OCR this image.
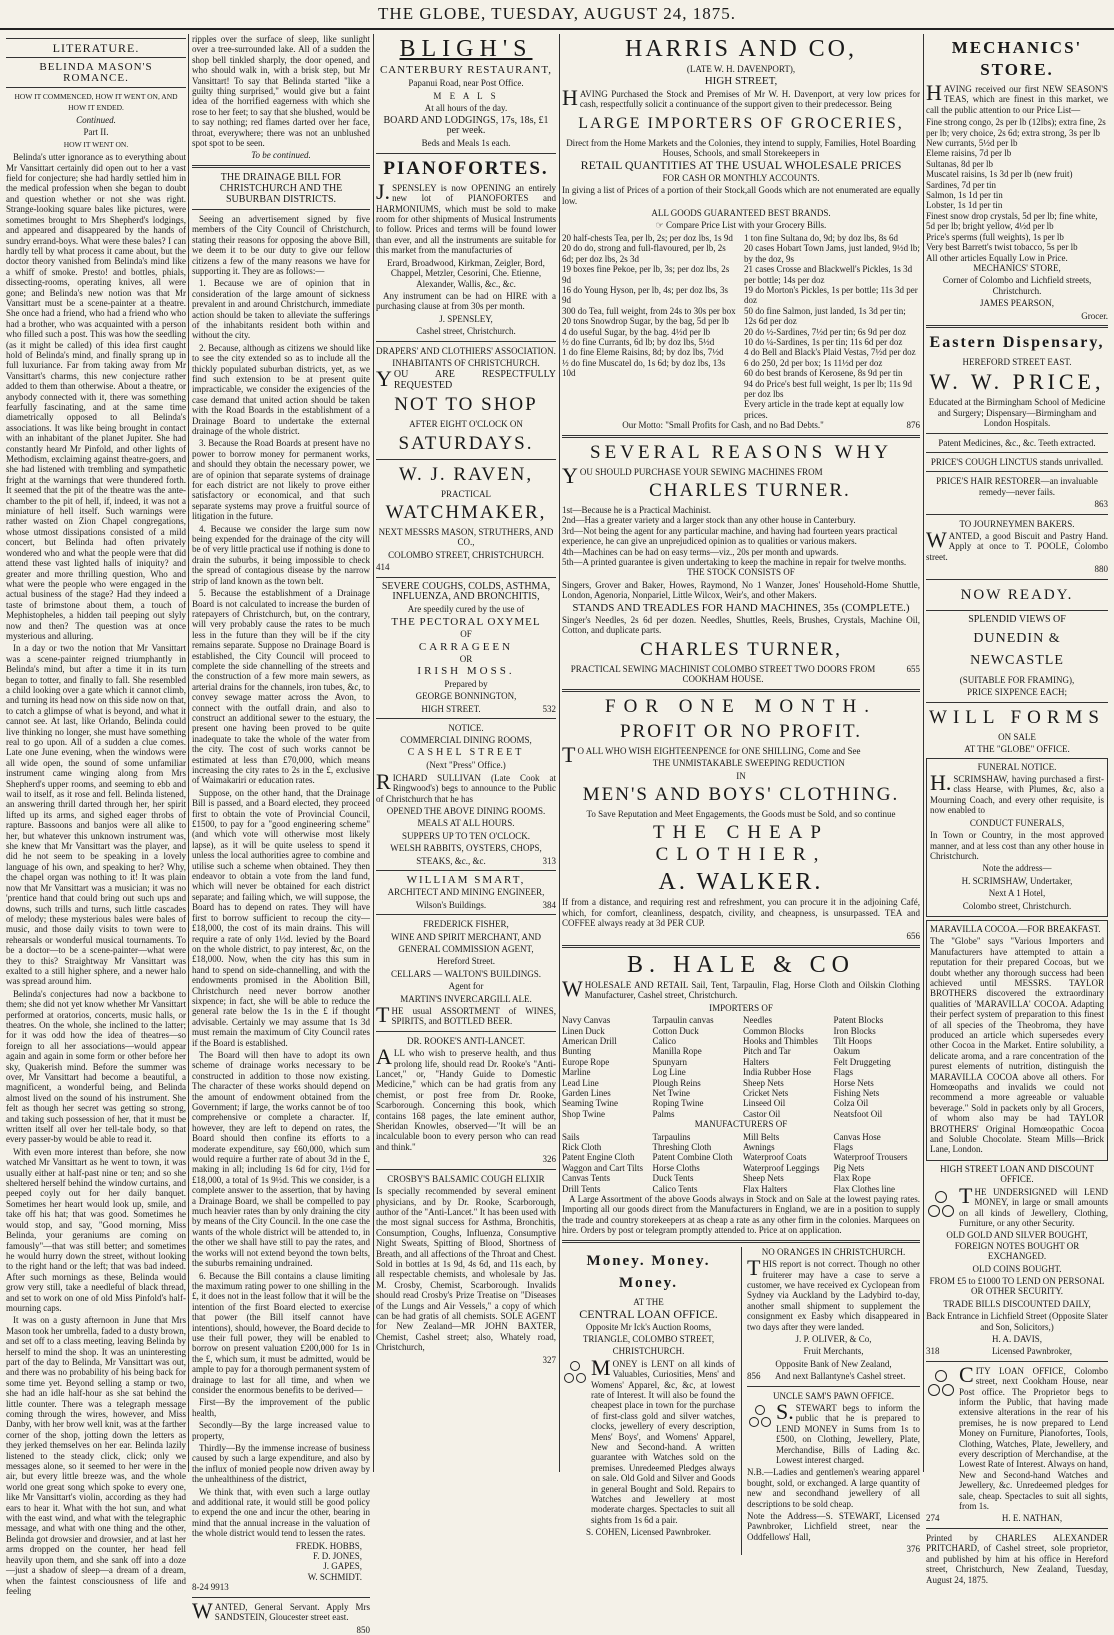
THE GLOBE, TUESDAY, AUGUST 24, 1875.
LITERATURE.
BELINDA MASON'S ROMANCE.

HOW IT COMMENCED, HOW IT WENT ON, AND HOW IT ENDED.

Continued.

Part II.

HOW IT WENT ON.

Belinda's utter ignorance as to everything about Mr Vansittart certainly did open out to her a vast field for conjecture; she had hardly settled him in the medical profession when she began to doubt and question whether or not she was right. Strange-looking square bales like pictures, were sometimes brought to Mrs Shepherd's lodgings, and appeared and disappeared by the hands of sundry errand-boys. What were these bales? I can hardly tell by what process it came about, but the doctor theory vanished from Belinda's mind like a whiff of smoke. Presto! and bottles, phials, dissecting-rooms, operating knives, all were gone; and Belinda's new notion was that Mr Vansittart must be a scene-painter at a theatre. She once had a friend, who had a friend who who had a brother, who was acquainted with a person who filled such a post. This was how the seedling (as it might be called) of this idea first caught hold of Belinda's mind, and finally sprang up in full luxuriance. Far from taking away from Mr Vansittart's charms, this new conjecture rather added to them than otherwise. About a theatre, or anybody connected with it, there was something fearfully fascinating, and at the same time diametrically opposed to all Belinda's associations. It was like being brought in contact with an inhabitant of the planet Jupiter. She had constantly heard Mr Pinfold, and other lights of Methodism, exclaiming against theatre-goers, and she had listened with trembling and sympathetic fright at the warnings that were thundered forth. It seemed that the pit of the theatre was the ante-chamber to the pit of hell, if, indeed, it was not a miniature of hell itself. Such warnings were rather wasted on Zion Chapel congregations, whose utmost dissipations consisted of a mild concert, but Belinda had often privately wondered who and what the people were that did attend these vast lighted halls of iniquity? and greater and more thrilling question, Who and what were the people who were engaged in the actual business of the stage? Had they indeed a taste of brimstone about them, a touch of Mephistopheles, a hidden tail peeping out slyly now and then? The question was at once mysterious and alluring.

In a day or two the notion that Mr Vansittart was a scene-painter reigned triumphantly in Belinda's mind, but after a time it in its turn began to totter, and finally to fall. She resembled a child looking over a gate which it cannot climb, and turning its head now on this side now on that, to catch a glimpse of what is beyond, and what it cannot see. At last, like Orlando, Belinda could live thinking no longer, she must have something real to go upon. All of a sudden a clue comes. Late one June evening, when the windows were all wide open, the sound of some unfamiliar instrument came winging along from Mrs Shepherd's upper rooms, and seeming to ebb and wail to itself, as it rose and fell. Belinda listened, an answering thrill darted through her, her spirit lifted up its arms, and sighed eager throbs of rapture. Bassoons and banjos were all alike to her, but whatever this unknown instrument was, she knew that Mr Vansittart was the player, and did he not seem to be speaking in a lovely language of his own, and speaking to her? Why, the chapel organ was nothing to it! It was plain now that Mr Vansittart was a musician; it was no 'prentice hand that could bring out such ups and downs, such trills and turns, such little cascades of melody; these mysterious bales were bales of music, and those daily visits to town were to rehearsals or wonderful musical tournaments. To be a doctor—to be a scene-painter—what were they to this? Straightway Mr Vansittart was exalted to a still higher sphere, and a newer halo was spread around him.

Belinda's conjectures had now a backbone to them; she did not yet know whether Mr Vansittart performed at oratorios, concerts, music halls, or theatres. On the whole, she inclined to the latter; for it was odd how the idea of theatres—so foreign to all her associations—would appear again and again in some form or other before her sky, Quakerish mind. Before the summer was over, Mr Vansittart had become a beautiful, a magnificent, a wonderful being, and Belinda almost lived on the sound of his instrument. She felt as though her secret was getting so strong, and taking such possession of her, that it must be written itself all over her tell-tale body, so that every passer-by would be able to read it.

With even more interest than before, she now watched Mr Vansittart as he went to town, it was usually either at half-past nine or ten; and so she sheltered herself behind the window curtains, and peeped coyly out for her daily banquet. Sometimes her heart would look up, smile, and take off his hat; that was good. Sometimes he would stop, and say, "Good morning, Miss Belinda, your geraniums are coming on famously"—that was still better; and sometimes he would hurry down the street, without looking to the right hand or the left; that was bad indeed. After such mornings as these, Belinda would grow very still, take a needleful of black thread, and set to work on one of old Miss Pinfold's half-mourning caps.

It was on a gusty afternoon in June that Mrs Mason took her umbrella, faded to a dusty brown, and set off to a class meeting, leaving Belinda by herself to mind the shop. It was an uninteresting part of the day to Belinda, Mr Vansittart was out, and there was no probability of his being back for some time yet. Beyond selling a stamp or two, she had an idle half-hour as she sat behind the little counter. There was a telegraph message coming through the wires, however, and Miss Danby, with her brow well knit, was at the farther corner of the shop, jotting down the letters as they jerked themselves on her ear. Belinda lazily listened to the steady click, click; only we messages alone, so it seemed to her were in the air, but every little breeze was, and the whole world one great song which spoke to every one, like Mr Vansittart's violin, according as they had ears to hear it. What with the hot sun, and what with the east wind, and what with the telegraphic message, and what with one thing and the other, Belinda got drowsier and drowsier, and at last her arms dropped on the counter, her head fell heavily upon them, and she sank off into a doze—just a shadow of sleep—a dream of a dream, when the faintest consciousness of life and feeling

ripples over the surface of sleep, like sunlight over a tree-surrounded lake. All of a sudden the shop bell tinkled sharply, the door opened, and who should walk in, with a brisk step, but Mr Vansittart! To say that Belinda started "like a guilty thing surprised," would give but a faint idea of the horrified eagerness with which she rose to her feet; to say that she blushed, would be to say nothing; red flames darted over her face, throat, everywhere; there was not an unblushed spot spot to be seen.

To be continued.

THE DRAINAGE BILL FOR CHRISTCHURCH AND THE SUBURBAN DISTRICTS.

Seeing an advertisement signed by five members of the City Council of Christchurch, stating their reasons for opposing the above Bill, we deem it to be our duty to give our fellow citizens a few of the many reasons we have for supporting it. They are as follows:—

1. Because we are of opinion that in consideration of the large amount of sickness prevalent in and around Christchurch, immediate action should be taken to alleviate the sufferings of the inhabitants resident both within and without the city.

2. Because, although as citizens we should like to see the city extended so as to include all the thickly populated suburban districts, yet, as we find such extension to be at present quite impracticable, we consider the exigencies of the case demand that united action should be taken with the Road Boards in the establishment of a Drainage Board to undertake the external drainage of the whole district.

3. Because the Road Boards at present have no power to borrow money for permanent works, and should they obtain the necessary power, we are of opinion that separate systems of drainage for each district are not likely to prove either satisfactory or economical, and that such separate systems may prove a fruitful source of litigation in the future.

4. Because we consider the large sum now being expended for the drainage of the city will be of very little practical use if nothing is done to drain the suburbs, it being impossible to check the spread of contagious disease by the narrow strip of land known as the town belt.

5. Because the establishment of a Drainage Board is not calculated to increase the burden of ratepayers of Christchurch, but, on the contrary, will very probably cause the rates to be much less in the future than they will be if the city remains separate. Suppose no Drainage Board is established, the City Council will proceed to complete the side channelling of the streets and the construction of a few more main sewers, as arterial drains for the channels, iron tubes, &c, to convey sewage matter across the Avon, to connect with the outfall drain, and also to construct an additional sewer to the estuary, the present one having been proved to be quite inadequate to take the whole of the water from the city. The cost of such works cannot be estimated at less than £70,000, which means increasing the city rates to 2s in the £, exclusive of Waimakariri or education rates.

Suppose, on the other hand, that the Drainage Bill is passed, and a Board elected, they proceed first to obtain the vote of Provincial Council, £1500, to pay for a "good engineering scheme" (and which vote will otherwise most likely lapse), as it will be quite useless to spend it unless the local authorities agree to combine and utilise such a scheme when obtained. They then endeavor to obtain a vote from the land fund, which will never be obtained for each district separate; and failing which, we will suppose, the Board has to depend on rates. They will have first to borrow sufficient to recoup the city—£18,000, the cost of its main drains. This will require a rate of only 1½d. levied by the Board on the whole district, to pay interest, &c, on the £18,000. Now, when the city has this sum in hand to spend on side-channelling, and with the endowments promised in the Abolition Bill, Christchurch need never borrow another sixpence; in fact, she will be able to reduce the general rate below the 1s in the £ if thought advisable. Certainly we may assume that 1s 3d must remain the maximum of City Council rates if the Board is established.

The Board will then have to adopt its own scheme of drainage works necessary to be constructed in addition to those now existing. The character of these works should depend on the amount of endowment obtained from the Government; if large, the works cannot be of too comprehensive or complete a character. If, however, they are left to depend on rates, the Board should then confine its efforts to a moderate expenditure, say £60,000, which sum would require a further rate of about 3d in the £, making in all; including 1s 6d for city, 1½d for £18,000, a total of 1s 9½d. This we consider, is a complete answer to the assertion, that by having a Drainage Board, we shall be compelled to pay much heavier rates than by only draining the city by means of the City Council. In the one case the wants of the whole district will be attended to, in the other we shall have still to pay the rates, and the works will not extend beyond the town belts, the suburbs remaining undrained.

6. Because the Bill contains a clause limiting the maximum rating power to one shilling in the £, it does not in the least follow that it will be the intention of the first Board elected to exercise that power (the Bill itself cannot have intentions), should, however, the Board decide to use their full power, they will be enabled to borrow on present valuation £200,000 for 1s in the £, which sum, it must be admitted, would be ample to pay for a thorough permanent system of drainage to last for all time, and when we consider the enormous benefits to be derived—

First—By the improvement of the public health,

Secondly—By the large increased value to property,

Thirdly—By the immense increase of business caused by such a large expenditure, and also by the influx of monied people now driven away by the unhealthiness of the district,

We think that, with even such a large outlay and additional rate, it would still be good policy to expend the one and incur the other, bearing in mind that the annual increase in the valuation of the whole district would tend to lessen the rates.

FREDK. HOBBS,
F. D. JONES,
J. GAPES,
W. SCHMIDT.
8-24 9913

WANTED, General Servant. Apply Mrs SANDSTEIN, Gloucester street east.

850
BLIGH'S
CANTERBURY RESTAURANT,

Papanui Road, near Post Office.

M E A L S

At all hours of the day.

BOARD AND LODGINGS, 17s, 18s, £1 per week.

Beds and Meals 1s each.

PIANOFORTES.

J.SPENSLEY is now OPENING an entirely new lot of PIANOFORTES and HARMONIUMS, which must be sold to make room for other shipments of Musical Instruments to follow. Prices and terms will be found lower than ever, and all the instruments are suitable for this market from the manufacturies of

Erard, Broadwood, Kirkman, Zeigler, Bord, Chappel, Metzler, Cesorini, Che. Etienne, Alexander, Wallis, &c., &c.

Any instrument can be had on HIRE with a purchasing clause at from 30s per month.

J. SPENSLEY,

Cashel street, Christchurch.

DRAPERS' AND CLOTHIERS' ASSOCIATION.

INHABITANTS OF CHRISTCHURCH.

YOU ARE RESPECTFULLY REQUESTED

NOT TO SHOP

AFTER EIGHT O'CLOCK ON

SATURDAYS.
W. J. RAVEN,

PRACTICAL

WATCHMAKER,

NEXT MESSRS MASON, STRUTHERS, AND CO.,

COLOMBO STREET, CHRISTCHURCH.

414

SEVERE COUGHS, COLDS, ASTHMA, INFLUENZA, AND BRONCHITIS,

Are speedily cured by the use of

THE PECTORAL OXYMEL

OF

CARRAGEEN

OR

IRISH MOSS.

Prepared by

GEORGE BONNINGTON,

HIGH STREET.	532

NOTICE.

COMMERCIAL DINING ROOMS,

CASHEL STREET

(Next "Press" Office.)

RICHARD SULLIVAN (Late Cook at Ringwood's) begs to announce to the Public of Christchurch that he has

OPENED THE ABOVE DINING ROOMS.

MEALS AT ALL HOURS.

SUPPERS UP TO TEN O'CLOCK.

WELSH RABBITS, OYSTERS, CHOPS,

STEAKS, &c., &c.	313

WILLIAM SMART,

ARCHITECT AND MINING ENGINEER,

Wilson's Buildings.	384

FREDERICK FISHER,

WINE AND SPIRIT MERCHANT, AND

GENERAL COMMISSION AGENT,

Hereford Street.

CELLARS — WALTON'S BUILDINGS.

Agent for

MARTIN'S INVERCARGILL ALE.

THE usual ASSORTMENT of WINES, SPIRITS, and BOTTLED BEER.

DR. ROOKE'S ANTI-LANCET.

ALL who wish to preserve health, and thus prolong life, should read Dr. Rooke's "Anti-Lancet," or, "Handy Guide to Domestic Medicine," which can be had gratis from any chemist, or post free from Dr. Rooke, Scarborough. Concerning this book, which contains 168 pages, the late eminent author, Sheridan Knowles, observed—"It will be an incalculable boon to every person who can read and think."

326

CROSBY'S BALSAMIC COUGH ELIXIR

Is specially recommended by several eminent physicians, and by Dr. Rooke, Scarborough, author of the "Anti-Lancet." It has been used with the most signal success for Asthma, Bronchitis, Consumption, Coughs, Influenza, Consumptive Night Sweats, Spitting of Blood, Shortness of Breath, and all affections of the Throat and Chest. Sold in bottles at 1s 9d, 4s 6d, and 11s each, by all respectable chemists, and wholesale by Jas. M. Crosby, Chemist, Scarborough. Invalids should read Crosby's Prize Treatise on "Diseases of the Lungs and Air Vessels," a copy of which can be had gratis of all chemists. SOLE AGENT for New Zealand—MR JOHN BAXTER, Chemist, Cashel street; also, Whately road, Christchurch,

327
HARRIS AND CO,

(LATE W. H. DAVENPORT),

HIGH STREET,

HAVING Purchased the Stock and Premises of Mr W. H. Davenport, at very low prices for cash, respectfully solicit a continuance of the support given to their predecessor. Being

LARGE IMPORTERS OF GROCERIES,

Direct from the Home Markets and the Colonies, they intend to supply, Families, Hotel Boarding Houses, Schools, and small Storekeepers in

RETAIL QUANTITIES AT THE USUAL WHOLESALE PRICES

FOR CASH OR MONTHLY ACCOUNTS.

In giving a list of Prices of a portion of their Stock,all Goods which are not enumerated are equally low.

ALL GOODS GUARANTEED BEST BRANDS.

☞ Compare Price List with your Grocery Bills.

20 half-chests Tea, per lb, 2s; per doz lbs, 1s 9d
20 do do, strong and full-flavoured, per lb, 2s 6d; per doz lbs, 2s 3d
19 boxes fine Pekoe, per lb, 3s; per doz lbs, 2s 9d
16 do Young Hyson, per lb, 4s; per doz lbs, 3s 9d
300 do Tea, full weight, from 24s to 30s per box
20 tons Snowdrop Sugar, by the bag, 5d per lb
4 do useful Sugar, by the bag. 4½d per lb
½ do fine Currants, 6d lb; by doz lbs, 5½d
1 do fine Eleme Raisins, 8d; by doz lbs, 7½d
½ do fine Muscatel do, 1s 6d; by doz lbs, 13s 10d
1 ton fine Sultana do, 9d; by doz lbs, 8s 6d
20 cases Hobart Town Jams, just landed, 9½d lb; by the doz, 9s
21 cases Crosse and Blackwell's Pickles, 1s 3d per bottle; 14s per doz
19 do Morton's Pickles, 1s per bottle; 11s 3d per doz
50 do fine Salmon, just landed, 1s 3d per tin; 12s 6d per doz
20 do ½-Sardines, 7½d per tin; 6s 9d per doz
10 do ¼-Sardines, 1s per tin; 11s 6d per doz
4 do Bell and Black's Plaid Vestas, 7½d per doz
6 do 250, 2d per box; 1s 11½d per doz
60 do best brands of Kerosene, 8s 9d per tin
94 do Price's best full weight, 1s per lb; 11s 9d per doz lbs
Every article in the trade kept at equally low prices.
Our Motto: "Small Profits for Cash, and no Bad Debts."	876
SEVERAL REASONS WHY

YOU SHOULD PURCHASE YOUR SEWING MACHINES FROM

CHARLES TURNER.
1st—Because he is a Practical Machinist.
2nd—Has a greater variety and a larger stock than any other house in Canterbury.
3rd—Not being the agent for any particular machine, and having had fourteen years practical experience, he can give an unprejudiced opinion as to qualities or various makers.
4th—Machines can be had on easy terms—viz., 20s per month and upwards.
5th—A printed guarantee is given undertaking to keep the machine in repair for twelve months.

THE STOCK CONSISTS OF

Singers, Grover and Baker, Howes, Raymond, No 1 Wanzer, Jones' Household-Home Shuttle, London, Agenoria, Nonpariel, Little Wilcox, Weir's, and other Makers.

STANDS AND TREADLES FOR HAND MACHINES, 35s (COMPLETE.)

Singer's Needles, 2s 6d per dozen. Needles, Shuttles, Reels, Brushes, Crystals, Machine Oil, Cotton, and duplicate parts.

CHARLES TURNER,
PRACTICAL SEWING MACHINIST COLOMBO STREET TWO DOORS FROM COOKHAM HOUSE.
655
FOR ONE MONTH.
PROFIT OR NO PROFIT.

TO ALL WHO WISH EIGHTEENPENCE for ONE SHILLING, Come and See

THE UNMISTAKABLE SWEEPING REDUCTION

IN

MEN'S AND BOYS' CLOTHING.

To Save Reputation and Meet Engagements, the Goods must be Sold, and so continue

THE CHEAP CLOTHIER,
A. WALKER.

If from a distance, and requiring rest and refreshment, you can procure it in the adjoining Café, which, for comfort, cleanliness, despatch, civility, and cheapness, is unsurpassed. TEA and COFFEE always ready at 3d PER CUP.

656
B. HALE & CO

WHOLESALE AND RETAIL Sail, Tent, Tarpaulin, Flag, Horse Cloth and Oilskin Clothing Manufacturer, Cashel street, Christchurch.

IMPORTERS OF

Navy Canvas
Linen Duck
American Drill
Bunting
Europe Rope
Marline
Lead Line
Garden Lines
Seaming Twine
Shop Twine
Tarpaulin canvas
Cotton Duck
Calico
Manilla Rope
Spunyarn
Log Line
Plough Reins
Net Twine
Roping Twine
Palms
Needles
Common Blocks
Hooks and Thimbles
Pitch and Tar
Halters
India Rubber Hose
Sheep Nets
Cricket Nets
Linseed Oil
Castor Oil
Patent Blocks
Iron Blocks
Tilt Hoops
Oakum
Felt Druggeting
Flags
Horse Nets
Fishing Nets
Colza Oil
Neatsfoot Oil

MANUFACTURERS OF

Sails
Rick Cloth
Patent Engine Cloth
Waggon and Cart Tilts
Canvas Tents
Drill Tents
Tarpaulins
Threshing Cloth
Patent Combine Cloth
Horse Cloths
Duck Tents
Calico Tents
Mill Belts
Awnings
Waterproof Coats
Waterproof Leggings
Sheep Nets
Flax Halters
Canvas Hose
Flags
Waterproof Trousers
Pig Nets
Flax Rope
Flax Clothes line

A Large Assortment of the above Goods always in Stock and on Sale at the lowest paying rates. Importing all our goods direct from the Manufacturers in England, we are in a position to supply the trade and country storekeepers at as cheap a rate as any other firm in the colonies. Marquees on hire. Orders by post or telegram promptly attended to. Price at on application.

Money. Money. Money.

AT THE

CENTRAL LOAN OFFICE.

Opposite Mr Ick's Auction Rooms,

TRIANGLE, COLOMBO STREET,

CHRISTCHURCH.

MONEY is LENT on all kinds of Valuables, Curiosities, Mens' and Womens' Apparel, &c, &c, at lowest rate of Interest. It will also be found the cheapest place in town for the purchase of first-class gold and silver watches, clocks, jewellery of every description, Mens' Boys', and Womens' Apparel, New and Second-hand. A written guarantee with Watches sold on the premises. Unredeemed Pledges always on sale. Old Gold and Silver and Goods in general Bought and Sold. Repairs to Watches and Jewellery at most moderate charges. Spectacles to suit all sights from 1s 6d a pair.

S. COHEN, Licensed Pawnbroker.

NO ORANGES IN CHRISTCHURCH.

THIS report is not correct. Though no other fruiterer may have a case to serve a customer, we have received ex Cyclopean from Sydney via Auckland by the Ladybird to-day, another small shipment to supplement the consignment ex Easby which disappeared in two days after they were landed.

J. P. OLIVER, & Co,

Fruit Merchants,

Opposite Bank of New Zealand,

856	And next Ballantyne's Cashel street.

UNCLE SAM'S PAWN OFFICE.

S.STEWART begs to inform the public that he is prepared to LEND MONEY in Sums from 1s to £500, on Clothing, Jewellery, Plate, Merchandise, Bills of Lading &c. Lowest interest charged.

N.B.—Ladies and gentlemen's wearing apparel bought, sold, or exchanged. A large quantity of new and secondhand jewellery of all descriptions to be sold cheap.

Note the Address—S. STEWART, Licensed Pawnbroker, Lichfield street, near the Oddfellows' Hall,

376
MECHANICS' STORE.

HAVING received our first NEW SEASON'S TEAS, which are finest in this market, we call the public attention to our Price List—

Fine strong congo, 2s per lb (12lbs); extra fine, 2s per lb; very choice, 2s 6d; extra strong, 3s per lb
New currants, 5½d per lb
Eleme raisins, 7d per lb
Sultanas, 8d per lb
Muscatel raisins, 1s 3d per lb (new fruit)
Sardines, 7d per tin
Salmon, 1s 1d per tin
Lobster, 1s 1d per tin
Finest snow drop crystals, 5d per lb; fine white, 5d per lb; bright yellow, 4½d per lb
Price's sperms (full weights), 1s per lb
Very best Barrett's twist tobacco, 5s per lb
All other articles Equally Low in Price.

MECHANICS' STORE,

Corner of Colombo and Lichfield streets, Christchurch.

JAMES PEARSON,

Grocer.
Eastern Dispensary,

HEREFORD STREET EAST.

W. W. PRICE,

Educated at the Birmingham School of Medicine and Surgery; Dispensary—Birmingham and London Hospitals.

Patent Medicines, &c., &c. Teeth extracted.

PRICE'S COUGH LINCTUS stands unrivalled.

PRICE'S HAIR RESTORER—an invaluable remedy—never fails.

863

TO JOURNEYMEN BAKERS.

WANTED, a good Biscuit and Pastry Hand. Apply at once to T. POOLE, Colombo street.

880
NOW READY.

SPLENDID VIEWS OF

DUNEDIN & NEWCASTLE

(SUITABLE FOR FRAMING),

PRICE SIXPENCE EACH;

WILL FORMS

ON SALE

AT THE "GLOBE" OFFICE.

FUNERAL NOTICE.

H.SCRIMSHAW, having purchased a first-class Hearse, with Plumes, &c, also a Mourning Coach, and every other requisite, is now enabled to

CONDUCT FUNERALS,

In Town or Country, in the most approved manner, and at less cost than any other house in Christchurch.

Note the address—

H. SCRIMSHAW, Undertaker,

Next A 1 Hotel,

Colombo street, Christchurch.

MARAVILLA COCOA.—FOR BREAKFAST.

The "Globe" says "Various Importers and Manufacturers have attempted to attain a reputation for their prepared Cocoas, but we doubt whether any thorough success had been achieved until MESSRS. TAYLOR BROTHERS discovered the extraordinary qualities of 'MARAVILLA' COCOA. Adapting their perfect system of preparation to this finest of all species of the Theobroma, they have produced an article which supersedes every other Cocoa in the Market. Entire solubility, a delicate aroma, and a rare concentration of the purest elements of nutrition, distinguish the MARAVILLA COCOA above all others. For Homœopaths and invalids we could not recommend a more agreeable or valuable beverage." Sold in packets only by all Grocers, of whom also may be had TAYLOR BROTHERS' Original Homœopathic Cocoa and Soluble Chocolate. Steam Mills—Brick Lane, London.

HIGH STREET LOAN AND DISCOUNT OFFICE.

THE UNDERSIGNED will LEND MONEY, in large or small amounts on all kinds of Jewellery, Clothing, Furniture, or any other Security.

OLD GOLD AND SILVER BOUGHT, FOREIGN NOTES BOUGHT OR EXCHANGED.

OLD COINS BOUGHT.

FROM £5 to £1000 TO LEND ON PERSONAL OR OTHER SECURITY.

TRADE BILLS DISCOUNTED DAILY,

Back Entrance in Lichfield Street (Opposite Slater and Son, Solicitors,)

H. A. DAVIS,

318	Licensed Pawnbroker,

CITY LOAN OFFICE, Colombo street, next Cookham House, near Post office. The Proprietor begs to inform the Public, that having made extensive alterations in the rear of his premises, he is now prepared to Lend Money on Furniture, Pianofortes, Tools, Clothing, Watches, Plate, Jewellery, and every description of Merchandise, at the Lowest Rate of Interest. Always on hand, New and Second-hand Watches and Jewellery, &c. Unredeemed pledges for sale, cheap. Spectacles to suit all sights, from 1s.

274	H. E. NATHAN,

Printed by CHARLES ALEXANDER PRITCHARD, of Cashel street, sole proprietor, and published by him at his office in Hereford street, Christchurch, New Zealand, Tuesday, August 24, 1875.
